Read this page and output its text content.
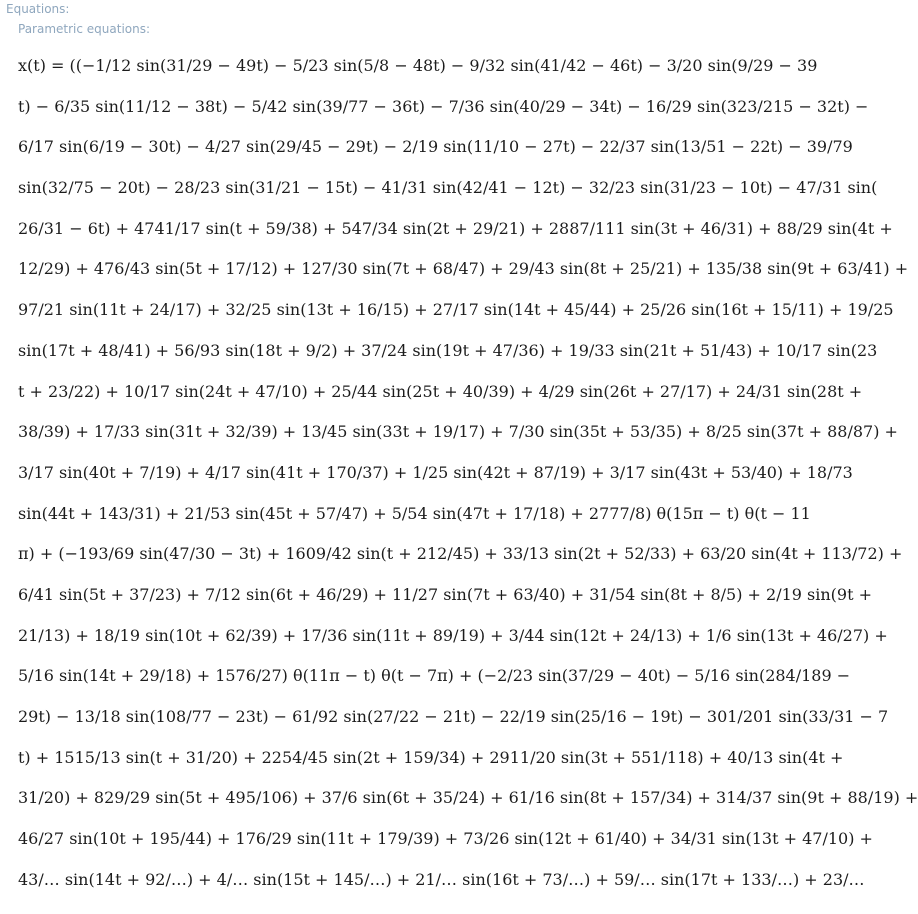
Equations:
Parametric equations:
x(t) = ((−1/12 sin(31/29 − 49t) − 5/23 sin(5/8 − 48t) − 9/32 sin(41/42 − 46t) − 3/20 sin(9/29 − 39
t) − 6/35 sin(11/12 − 38t) − 5/42 sin(39/77 − 36t) − 7/36 sin(40/29 − 34t) − 16/29 sin(323/215 − 32t) −
6/17 sin(6/19 − 30t) − 4/27 sin(29/45 − 29t) − 2/19 sin(11/10 − 27t) − 22/37 sin(13/51 − 22t) − 39/79
sin(32/75 − 20t) − 28/23 sin(31/21 − 15t) − 41/31 sin(42/41 − 12t) − 32/23 sin(31/23 − 10t) − 47/31 sin(
26/31 − 6t) + 4741/17 sin(t + 59/38) + 547/34 sin(2t + 29/21) + 2887/111 sin(3t + 46/31) + 88/29 sin(4t +
12/29) + 476/43 sin(5t + 17/12) + 127/30 sin(7t + 68/47) + 29/43 sin(8t + 25/21) + 135/38 sin(9t + 63/41) +
97/21 sin(11t + 24/17) + 32/25 sin(13t + 16/15) + 27/17 sin(14t + 45/44) + 25/26 sin(16t + 15/11) + 19/25
sin(17t + 48/41) + 56/93 sin(18t + 9/2) + 37/24 sin(19t + 47/36) + 19/33 sin(21t + 51/43) + 10/17 sin(23
t + 23/22) + 10/17 sin(24t + 47/10) + 25/44 sin(25t + 40/39) + 4/29 sin(26t + 27/17) + 24/31 sin(28t +
38/39) + 17/33 sin(31t + 32/39) + 13/45 sin(33t + 19/17) + 7/30 sin(35t + 53/35) + 8/25 sin(37t + 88/87) +
3/17 sin(40t + 7/19) + 4/17 sin(41t + 170/37) + 1/25 sin(42t + 87/19) + 3/17 sin(43t + 53/40) + 18/73
sin(44t + 143/31) + 21/53 sin(45t + 57/47) + 5/54 sin(47t + 17/18) + 2777/8) θ(15π − t) θ(t − 11
π) + (−193/69 sin(47/30 − 3t) + 1609/42 sin(t + 212/45) + 33/13 sin(2t + 52/33) + 63/20 sin(4t + 113/72) +
6/41 sin(5t + 37/23) + 7/12 sin(6t + 46/29) + 11/27 sin(7t + 63/40) + 31/54 sin(8t + 8/5) + 2/19 sin(9t +
21/13) + 18/19 sin(10t + 62/39) + 17/36 sin(11t + 89/19) + 3/44 sin(12t + 24/13) + 1/6 sin(13t + 46/27) +
5/16 sin(14t + 29/18) + 1576/27) θ(11π − t) θ(t − 7π) + (−2/23 sin(37/29 − 40t) − 5/16 sin(284/189 −
29t) − 13/18 sin(108/77 − 23t) − 61/92 sin(27/22 − 21t) − 22/19 sin(25/16 − 19t) − 301/201 sin(33/31 − 7
t) + 1515/13 sin(t + 31/20) + 2254/45 sin(2t + 159/34) + 2911/20 sin(3t + 551/118) + 40/13 sin(4t +
31/20) + 829/29 sin(5t + 495/106) + 37/6 sin(6t + 35/24) + 61/16 sin(8t + 157/34) + 314/37 sin(9t + 88/19) +
46/27 sin(10t + 195/44) + 176/29 sin(11t + 179/39) + 73/26 sin(12t + 61/40) + 34/31 sin(13t + 47/10) +
43/… sin(14t + 92/…) + 4/… sin(15t + 145/…) + 21/… sin(16t + 73/…) + 59/… sin(17t + 133/…) + 23/…
